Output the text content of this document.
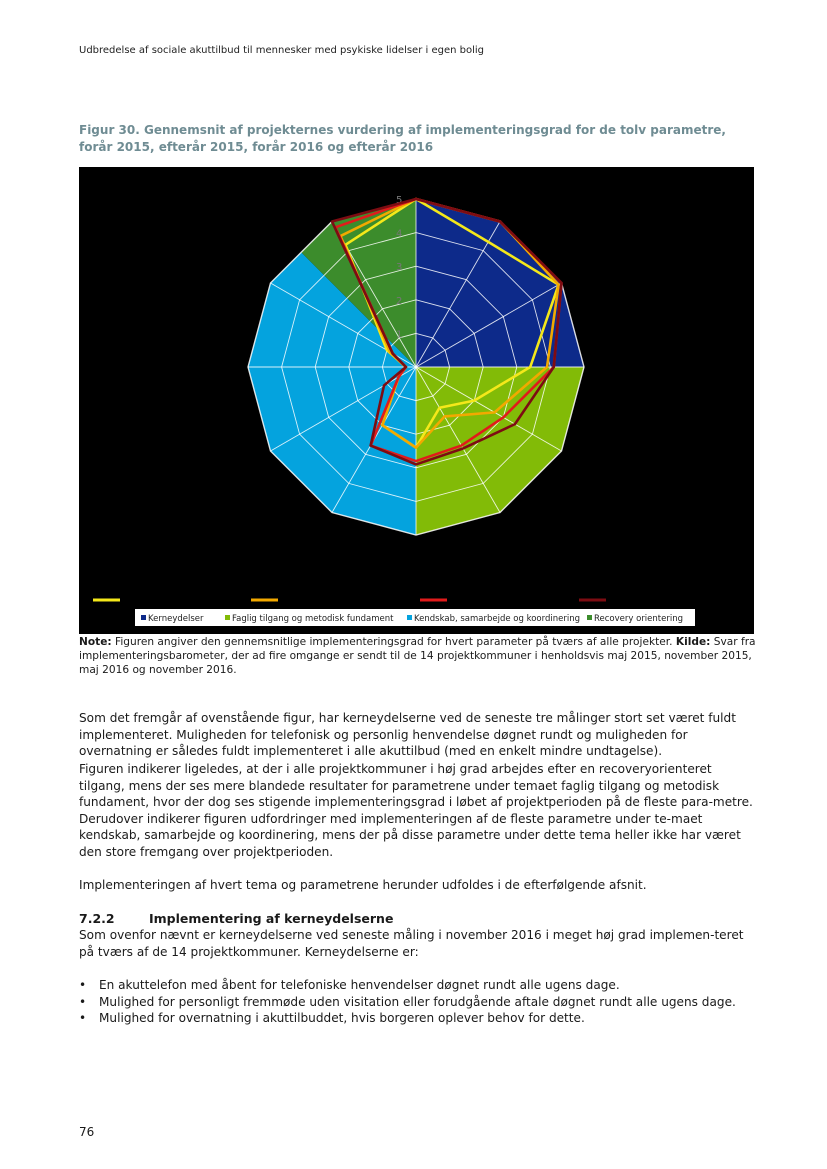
Udbredelse af sociale akuttilbud til mennesker med psykiske lidelser i egen bolig
Figur 30. Gennemsnit af projekternes vurdering af implementeringsgrad for de tolv parametre, forår 2015, efterår 2015, forår 2016 og efterår 2016
1
2
3
4
5
Kerneydelser	Faglig tilgang og metodisk fundament Kendskab, samarbejde og koordinering Recovery orientering
Note: Figuren angiver den gennemsnitlige implementeringsgrad for hvert parameter på tværs af alle projekter. Kilde: Svar fra implementeringsbarometer, der ad fire omgange er sendt til de 14 projektkommuner i henholdsvis maj 2015, november 2015, maj 2016 og november 2016.
Som det fremgår af ovenstående figur, har kerneydelserne ved de seneste tre målinger stort set været fuldt implementeret. Muligheden for telefonisk og personlig henvendelse døgnet rundt og muligheden for overnatning er således fuldt implementeret i alle akuttilbud (med en enkelt mindre undtagelse).
Figuren indikerer ligeledes, at der i alle projektkommuner i høj grad arbejdes efter en recoveryorienteret tilgang, mens der ses mere blandede resultater for parametrene under temaet faglig tilgang og metodisk fundament, hvor der dog ses stigende implementeringsgrad i løbet af projektperioden på de fleste para-metre. Derudover indikerer figuren udfordringer med implementeringen af de fleste parametre under te-maet kendskab, samarbejde og koordinering, mens der på disse parametre under dette tema heller ikke har været den store fremgang over projektperioden.
Implementeringen af hvert tema og parametrene herunder udfoldes i de efterfølgende afsnit.
7.2.2	Implementering af kerneydelserne
Som ovenfor nævnt er kerneydelserne ved seneste måling i november 2016 i meget høj grad implemen-teret på tværs af de 14 projektkommuner. Kerneydelserne er:
• En akuttelefon med åbent for telefoniske henvendelser døgnet rundt alle ugens dage.
• Mulighed for personligt fremmøde uden visitation eller forudgående aftale døgnet rundt alle ugens dage.
• Mulighed for overnatning i akuttilbuddet, hvis borgeren oplever behov for dette.
76
